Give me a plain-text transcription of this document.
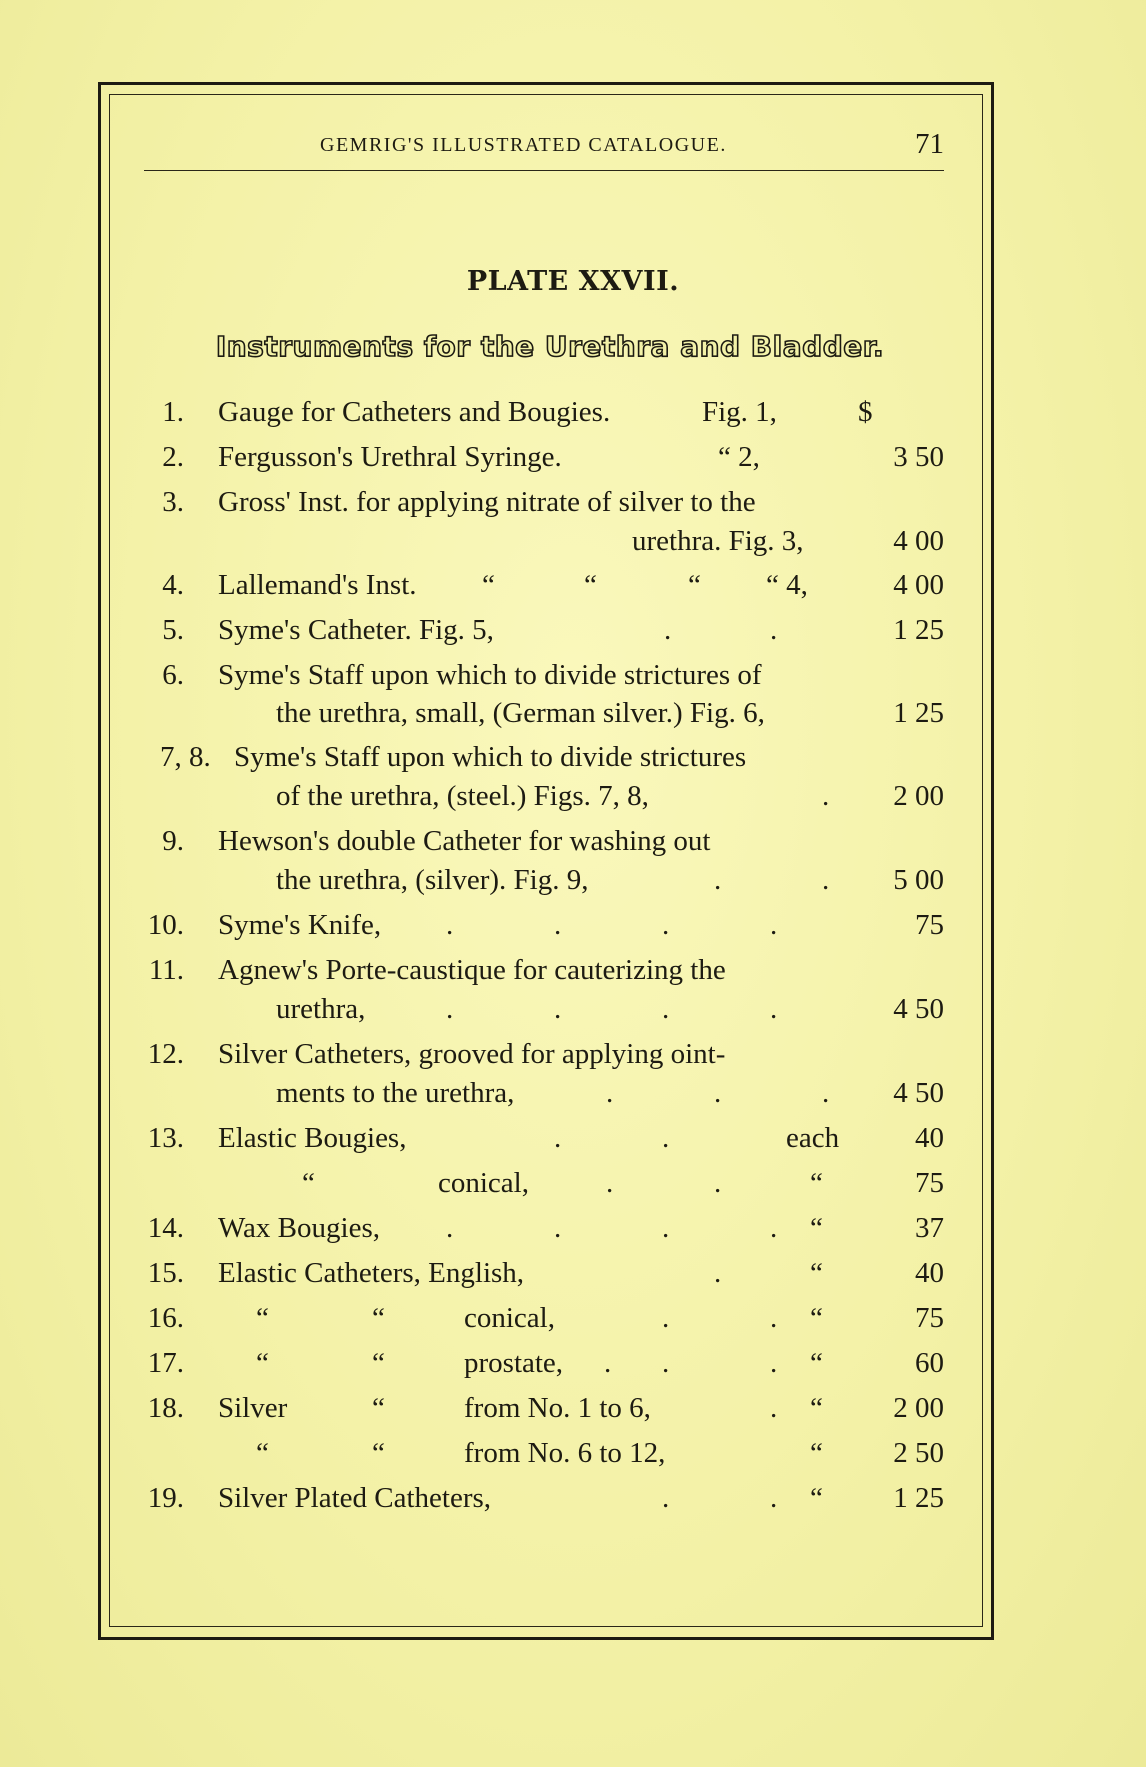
GEMRIG'S ILLUSTRATED CATALOGUE.	71
PLATE XXVII.
Instruments for the Urethra and Bladder.
1. Gauge for Catheters and Bougies.	Fig. 1,	$
2. Fergusson's Urethral Syringe.	“ 2,	3 50
3. Gross' Inst. for applying nitrate of silver to the
urethra. Fig. 3,	4 00
4. Lallemand's Inst. “	“	“ “ 4,	4 00
5. Syme's Catheter. Fig. 5,	.	.	1 25
6. Syme's Staff upon which to divide strictures of
the urethra, small, (German silver.) Fig. 6,	1 25
7, 8. Syme's Staff upon which to divide strictures
of the urethra, (steel.) Figs. 7, 8,	.	2 00
9. Hewson's double Catheter for washing out
the urethra, (silver). Fig. 9,	.	.	5 00
10. Syme's Knife, .	.	.	.	75
11. Agnew's Porte-caustique for cauterizing the
urethra,	.	.	.	.	4 50
12. Silver Catheters, grooved for applying oint-
ments to the urethra,	.	.	.	4 50
13. Elastic Bougies,	.	.	each	40
“	conical,	.	.	“	75
14. Wax Bougies, .	.	.	. “	37
15. Elastic Catheters, English,	.	“	40
16. “	“	conical,	.	. “	75
17. “	“	prostate, . .	. “	60
18. Silver	“	from No. 1 to 6,	. “	2 00
“	“	from No. 6 to 12,	“	2 50
19. Silver Plated Catheters,	.	. “	1 25
